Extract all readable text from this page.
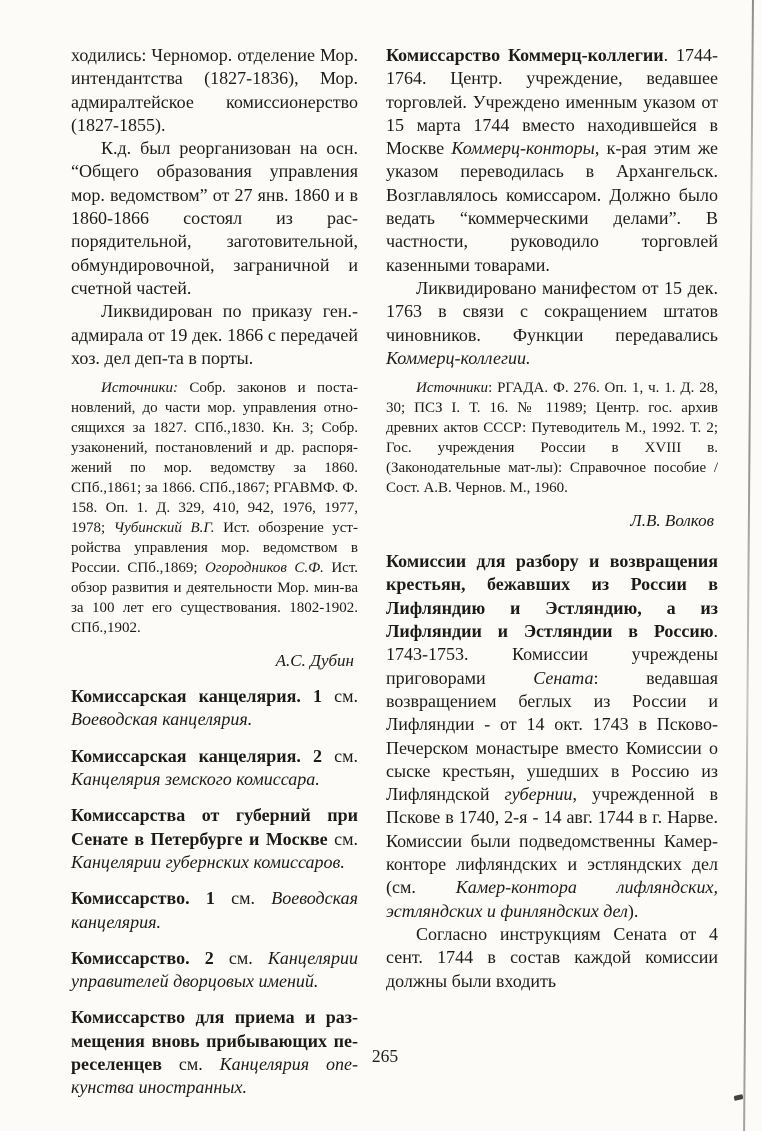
ходились: Черномор. отделение Мор. интендантства (1827-1836), Мор. адмиралтейское комиссионерство (1827-1855).

К.д. был реорганизован на осн. “Общего образования управления мор. ведомством” от 27 янв. 1860 и в 1860-1866 состоял из распорядительной, заготовительной, обмундировочной, заграничной и счетной частей.

Ликвидирован по приказу ген.-адмирала от 19 дек. 1866 с передачей хоз. дел деп-та в порты.

Источники: Собр. законов и постановлений, до части мор. управления относящихся за 1827. СПб.,1830. Кн. 3; Собр. узаконений, постановлений и др. распоряжений по мор. ведомству за 1860. СПб.,1861; за 1866. СПб.,1867; РГАВМФ. Ф. 158. Оп. 1. Д. 329, 410, 942, 1976, 1977, 1978; Чубинский В.Г. Ист. обозрение устройства управления мор. ведомством в России. СПб.,1869; Огородников С.Ф. Ист. обзор развития и деятельности Мор. мин-ва за 100 лет его существования. 1802-1902. СПб.,1902.

А.С. Дубин

Комиссарская канцелярия. 1 см. Воеводская канцелярия.

Комиссарская канцелярия. 2 см. Канцелярия земского комиссара.

Комиссарства от губерний при Сенате в Петербурге и Москве см. Канцелярии губернских комиссаров.

Комиссарство. 1 см. Воеводская канцелярия.

Комиссарство. 2 см. Канцелярии управителей дворцовых имений.

Комиссарство для приема и размещения вновь прибывающих переселенцев см. Канцелярия опекунства иностранных.

Комиссарство Коммерц-коллегии. 1744-1764. Центр. учреждение, ведавшее торговлей. Учреждено именным указом от 15 марта 1744 вместо находившейся в Москве Коммерц-конторы, к-рая этим же указом переводилась в Архангельск. Возглавлялось комиссаром. Должно было ведать “коммерческими делами”. В частности, руководило торговлей казенными товарами.

Ликвидировано манифестом от 15 дек. 1763 в связи с сокращением штатов чиновников. Функции передавались Коммерц-коллегии.

Источники: РГАДА. Ф. 276. Оп. 1, ч. 1. Д. 28, 30; ПСЗ I. Т. 16. № 11989; Центр. гос. архив древних актов СССР: Путеводитель М., 1992. Т. 2; Гос. учреждения России в XVIII в. (Законодательные мат-лы): Справочное пособие / Сост. А.В. Чернов. М., 1960.

Л.В. Волков

Комиссии для разбору и возвращения крестьян, бежавших из России в Лифляндию и Эстляндию, а из Лифляндии и Эстляндии в Россию. 1743-1753. Комиссии учреждены приговорами Сената: ведавшая возвращением беглых из России и Лифляндии - от 14 окт. 1743 в Псково-Печерском монастыре вместо Комиссии о сыске крестьян, ушедших в Россию из Лифляндской губернии, учрежденной в Пскове в 1740, 2-я - 14 авг. 1744 в г. Нарве. Комиссии были подведомственны Камер-конторе лифляндских и эстляндских дел (см. Камер-контора лифляндских, эстляндских и финляндских дел).

Согласно инструкциям Сената от 4 сент. 1744 в состав каждой комиссии должны были входить

265
